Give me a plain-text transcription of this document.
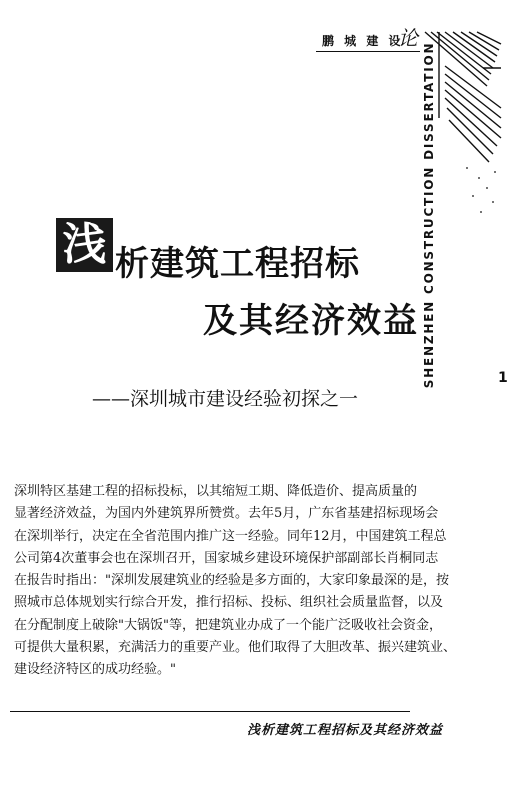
鹏 城 建 设
论
SHENZHEN CONSTRUCTION DISSERTATION
浅 析建筑工程招标
及其经济效益
——深圳城市建设经验初探之一
1
深圳特区基建工程的招标投标，以其缩短工期、降低造价、提高质量的
显著经济效益，为国内外建筑界所赞赏。去年5月，广东省基建招标现场会
在深圳举行，决定在全省范围内推广这一经验。同年12月，中国建筑工程总
公司第4次董事会也在深圳召开，国家城乡建设环境保护部副部长肖桐同志
在报告时指出："深圳发展建筑业的经验是多方面的，大家印象最深的是，按
照城市总体规划实行综合开发，推行招标、投标、组织社会质量监督，以及
在分配制度上破除"大锅饭"等，把建筑业办成了一个能广泛吸收社会资金，
可提供大量积累，充满活力的重要产业。他们取得了大胆改革、振兴建筑业、
建设经济特区的成功经验。"
浅析建筑工程招标及其经济效益
